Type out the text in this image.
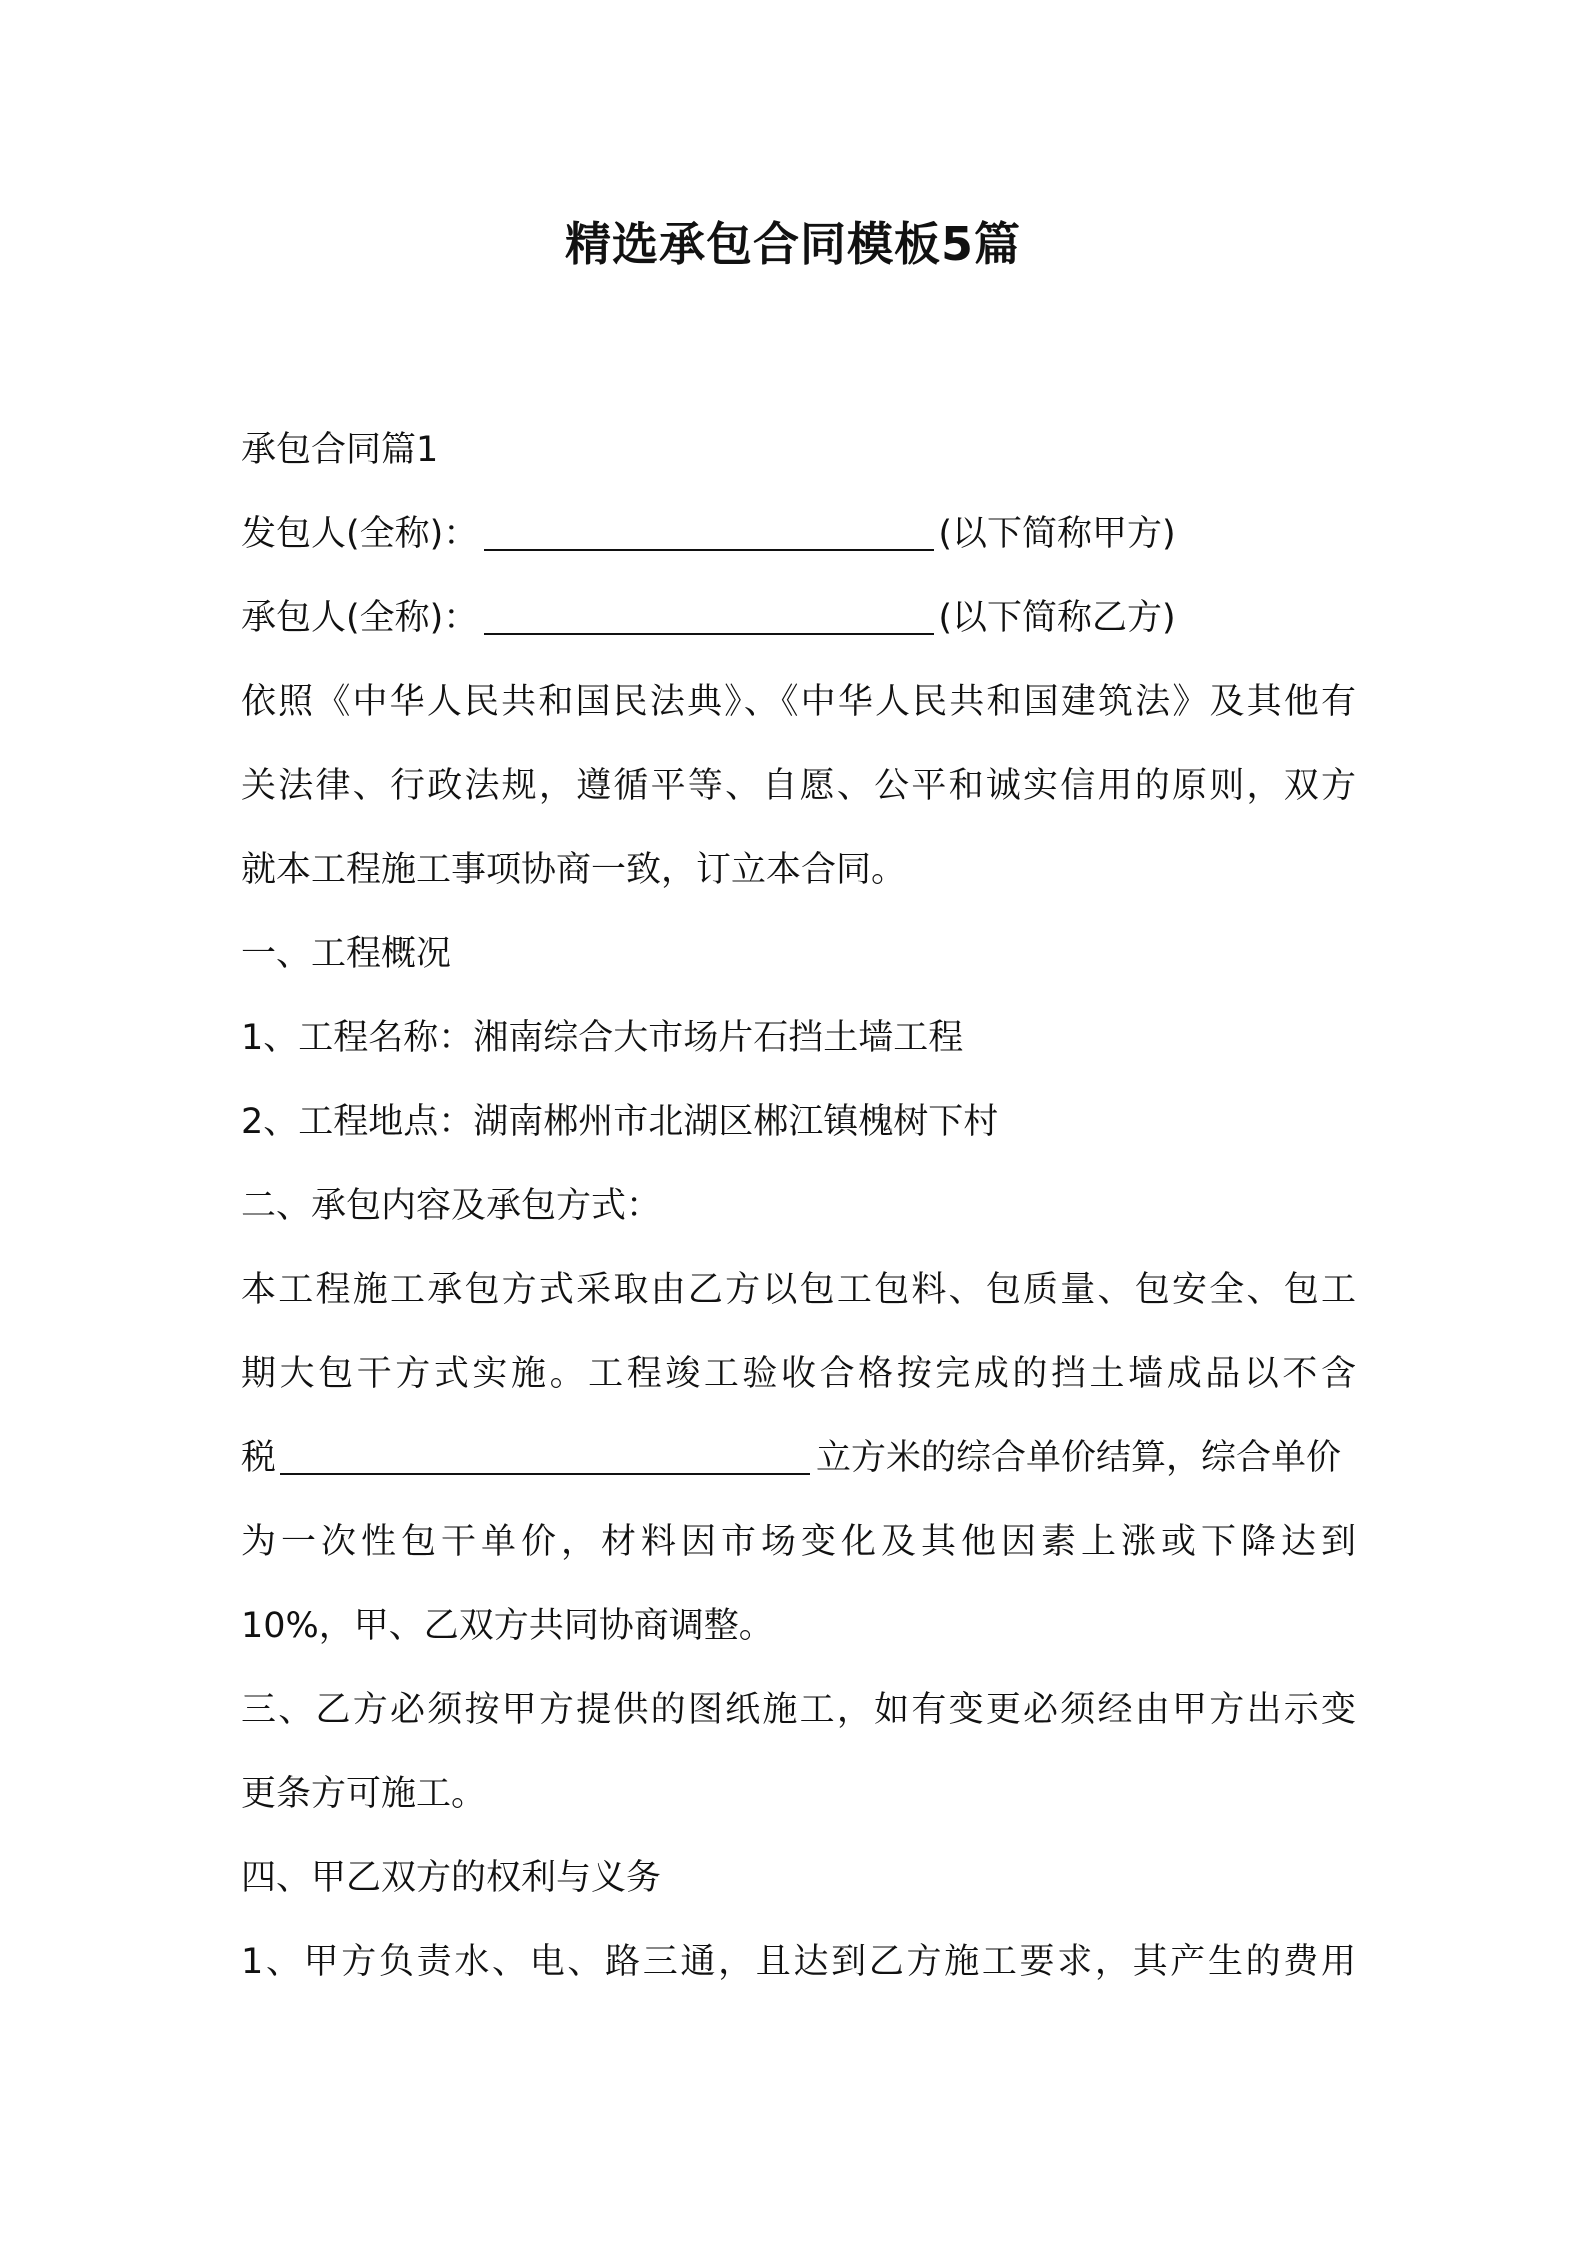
精选承包合同模板5篇

承包合同篇1

发包人(全称)：	(以下简称甲方)

承包人(全称)：	(以下简称乙方)

依照《中华人民共和国民法典》、《中华人民共和国建筑法》及其他有

关法律、行政法规，遵循平等、自愿、公平和诚实信用的原则，双方

就本工程施工事项协商一致，订立本合同。

一、工程概况

1、工程名称：湘南综合大市场片石挡土墙工程

2、工程地点：湖南郴州市北湖区郴江镇槐树下村

二、承包内容及承包方式：

本工程施工承包方式采取由乙方以包工包料、包质量、包安全、包工

期大包干方式实施。工程竣工验收合格按完成的挡土墙成品以不含

税	立方米的综合单价结算，综合单价

为一次性包干单价，材料因市场变化及其他因素上涨或下降达到

10%，甲、乙双方共同协商调整。

三、乙方必须按甲方提供的图纸施工，如有变更必须经由甲方出示变

更条方可施工。

四、甲乙双方的权利与义务

1、甲方负责水、电、路三通，且达到乙方施工要求，其产生的费用
